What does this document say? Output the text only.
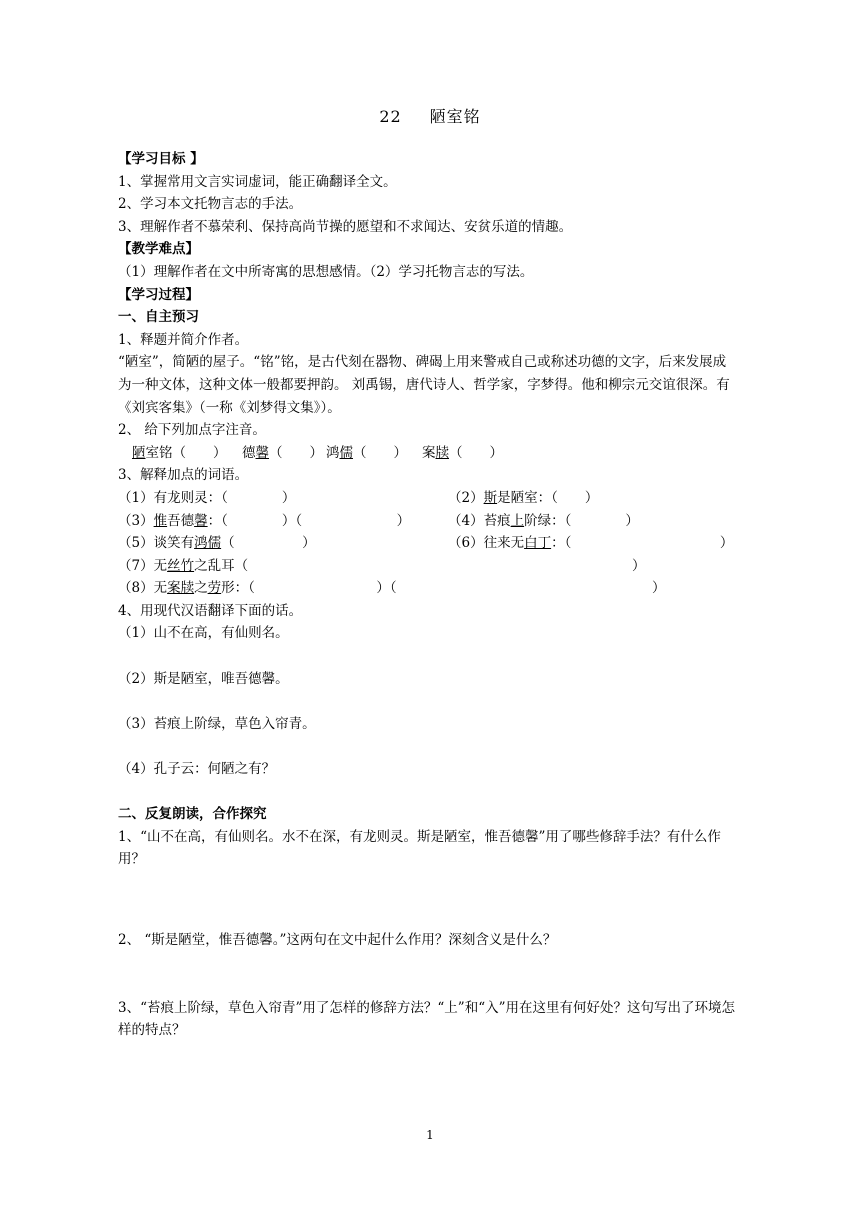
22 陋室铭
【学习目标 】
1、掌握常用文言实词虚词，能正确翻译全文。
2、学习本文托物言志的手法。
3、理解作者不慕荣利、保持高尚节操的愿望和不求闻达、安贫乐道的情趣。
【教学难点】
（1）理解作者在文中所寄寓的思想感情。（2）学习托物言志的写法。
【学习过程】
一、自主预习
1、释题并简介作者。
“陋室”，简陋的屋子。“铭”铭，是古代刻在器物、碑碣上用来警戒自己或称述功德的文字，后来发展成为一种文体，这种文体一般都要押韵。 刘禹锡，唐代诗人、哲学家，字梦得。他和柳宗元交谊很深。有《刘宾客集》（一称《刘梦得文集》）。
2、 给下列加点字注音。
陋室铭（　　） 德馨（　　） 鸿儒（　　） 案牍（　　）
3、解释加点的词语。
（1）有龙则灵：（　　　　）	（2）斯是陋室：（　　）
（3）惟吾德馨：（　　　　）（　　　　　　　）	（4）苔痕上阶绿：（　　　　）
（5）谈笑有鸿儒（　　　　　）	（6）往来无白丁：（　　　　　　　　　　　）
（7）无丝竹之乱耳（	）
（8）无案牍之劳形：（　　　　　　　　　）（	）
4、用现代汉语翻译下面的话。
（1）山不在高，有仙则名。
（2）斯是陋室，唯吾德馨。
（3）苔痕上阶绿，草色入帘青。
（4）孔子云：何陋之有？
二、反复朗读，合作探究
1、“山不在高，有仙则名。水不在深，有龙则灵。斯是陋室，惟吾德馨”用了哪些修辞手法？有什么作用？
2、 “斯是陋堂，惟吾德馨。”这两句在文中起什么作用？深刻含义是什么？
3、“苔痕上阶绿，草色入帘青”用了怎样的修辞方法？“上”和“入”用在这里有何好处？这句写出了环境怎样的特点？
1
